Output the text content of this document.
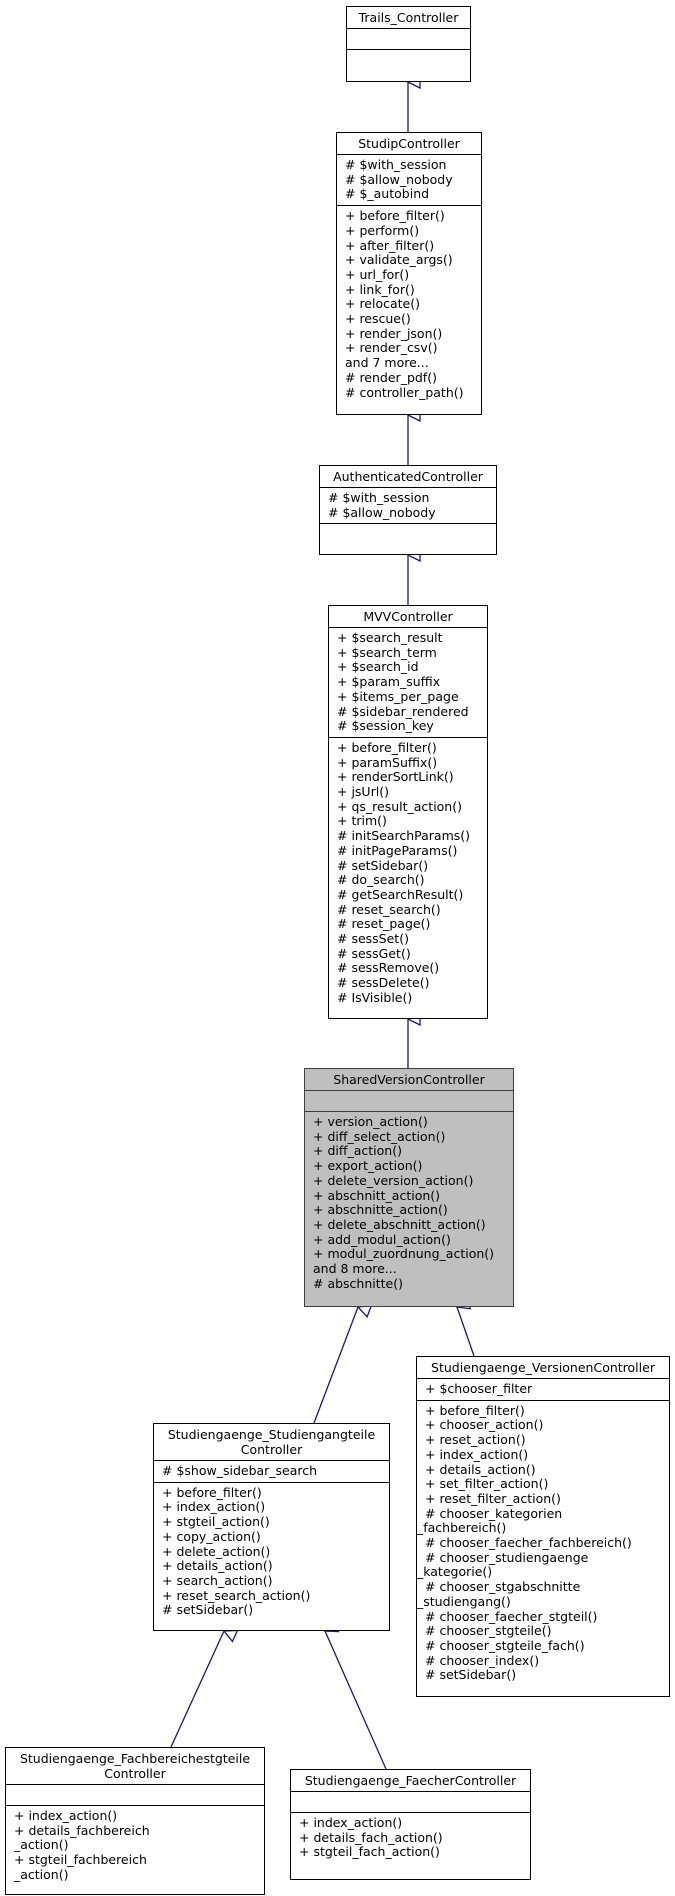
Trails_Controller
StudipController
# $with_session
# $allow_nobody
# $_autobind
+ before_filter()
+ perform()
+ after_filter()
+ validate_args()
+ url_for()
+ link_for()
+ relocate()
+ rescue()
+ render_json()
+ render_csv()
and 7 more...
# render_pdf()
# controller_path()
AuthenticatedController
# $with_session
# $allow_nobody
MVVController
+ $search_result
+ $search_term
+ $search_id
+ $param_suffix
+ $items_per_page
# $sidebar_rendered
# $session_key
+ before_filter()
+ paramSuffix()
+ renderSortLink()
+ jsUrl()
+ qs_result_action()
+ trim()
# initSearchParams()
# initPageParams()
# setSidebar()
# do_search()
# getSearchResult()
# reset_search()
# reset_page()
# sessSet()
# sessGet()
# sessRemove()
# sessDelete()
# IsVisible()
SharedVersionController
+ version_action()
+ diff_select_action()
+ diff_action()
+ export_action()
+ delete_version_action()
+ abschnitt_action()
+ abschnitte_action()
+ delete_abschnitt_action()
+ add_modul_action()
+ modul_zuordnung_action()
and 8 more...
# abschnitte()
Studiengaenge_Studiengangteile
Controller
# $show_sidebar_search
+ before_filter()
+ index_action()
+ stgteil_action()
+ copy_action()
+ delete_action()
+ details_action()
+ search_action()
+ reset_search_action()
# setSidebar()
Studiengaenge_VersionenController
+ $chooser_filter
+ before_filter()
+ chooser_action()
+ reset_action()
+ index_action()
+ details_action()
+ set_filter_action()
+ reset_filter_action()
# chooser_kategorien
_fachbereich()
# chooser_faecher_fachbereich()
# chooser_studiengaenge
_kategorie()
# chooser_stgabschnitte
_studiengang()
# chooser_faecher_stgteil()
# chooser_stgteile()
# chooser_stgteile_fach()
# chooser_index()
# setSidebar()
Studiengaenge_Fachbereichestgteile
Controller
+ index_action()
+ details_fachbereich
_action()
+ stgteil_fachbereich
_action()
Studiengaenge_FaecherController
+ index_action()
+ details_fach_action()
+ stgteil_fach_action()
